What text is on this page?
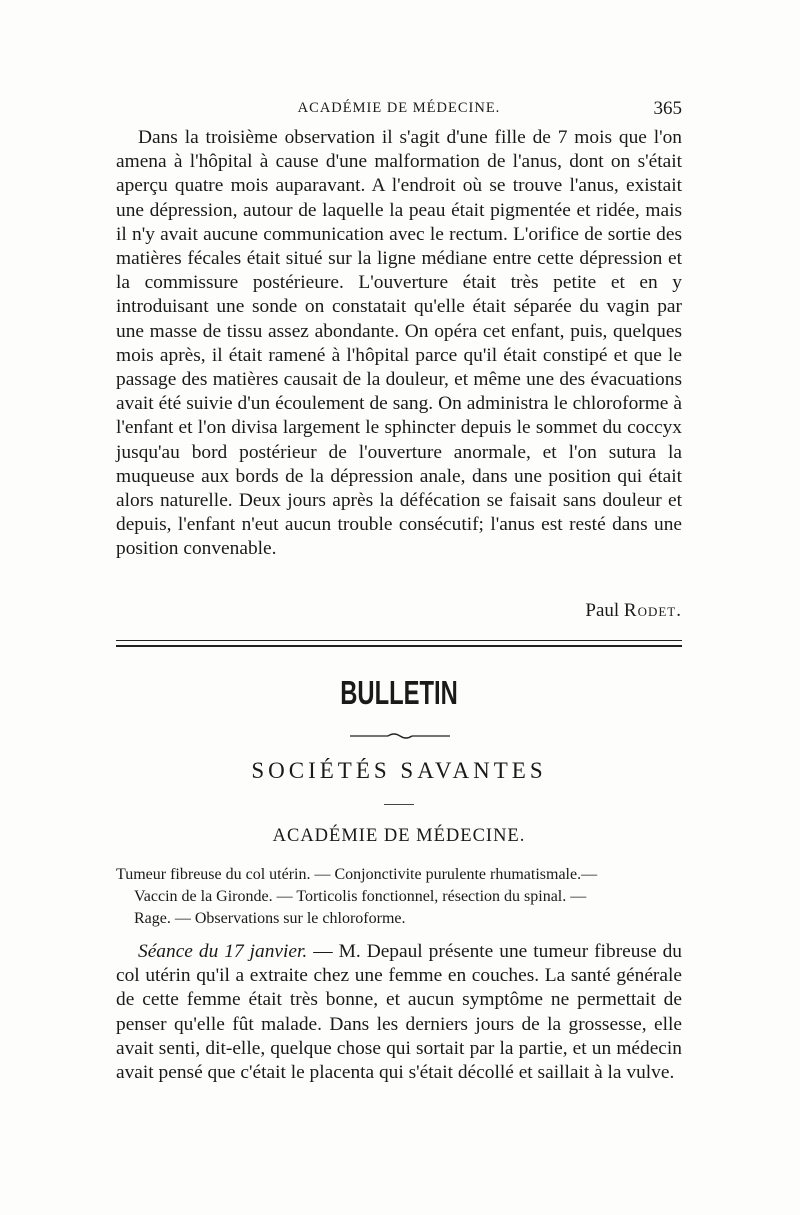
ACADÉMIE DE MÉDECINE.	365

Dans la troisième observation il s'agit d'une fille de 7 mois que l'on amena à l'hôpital à cause d'une malformation de l'anus, dont on s'était aperçu quatre mois auparavant. A l'endroit où se trouve l'anus, existait une dépression, autour de laquelle la peau était pigmentée et ridée, mais il n'y avait aucune communication avec le rectum. L'orifice de sortie des matières fécales était situé sur la ligne médiane entre cette dépression et la commissure postérieure. L'ouverture était très petite et en y introduisant une sonde on constatait qu'elle était séparée du vagin par une masse de tissu assez abondante. On opéra cet enfant, puis, quelques mois après, il était ramené à l'hôpital parce qu'il était constipé et que le passage des matières causait de la douleur, et même une des évacuations avait été suivie d'un écoulement de sang. On administra le chloroforme à l'enfant et l'on divisa largement le sphincter depuis le sommet du coccyx jusqu'au bord postérieur de l'ouverture anormale, et l'on sutura la muqueuse aux bords de la dépression anale, dans une position qui était alors naturelle. Deux jours après la défécation se faisait sans douleur et depuis, l'enfant n'eut aucun trouble consécutif; l'anus est resté dans une position convenable.

Paul Rodet.
BULLETIN
SOCIÉTÉS SAVANTES
ACADÉMIE DE MÉDECINE.
Tumeur fibreuse du col utérin. — Conjonctivite purulente rhumatismale.—
Vaccin de la Gironde. — Torticolis fonctionnel, résection du spinal. —
Rage. — Observations sur le chloroforme.

Séance du 17 janvier. — M. Depaul présente une tumeur fibreuse du col utérin qu'il a extraite chez une femme en couches. La santé générale de cette femme était très bonne, et aucun symptôme ne permettait de penser qu'elle fût malade. Dans les derniers jours de la grossesse, elle avait senti, dit-elle, quelque chose qui sortait par la partie, et un médecin avait pensé que c'était le placenta qui s'était décollé et saillait à la vulve.
